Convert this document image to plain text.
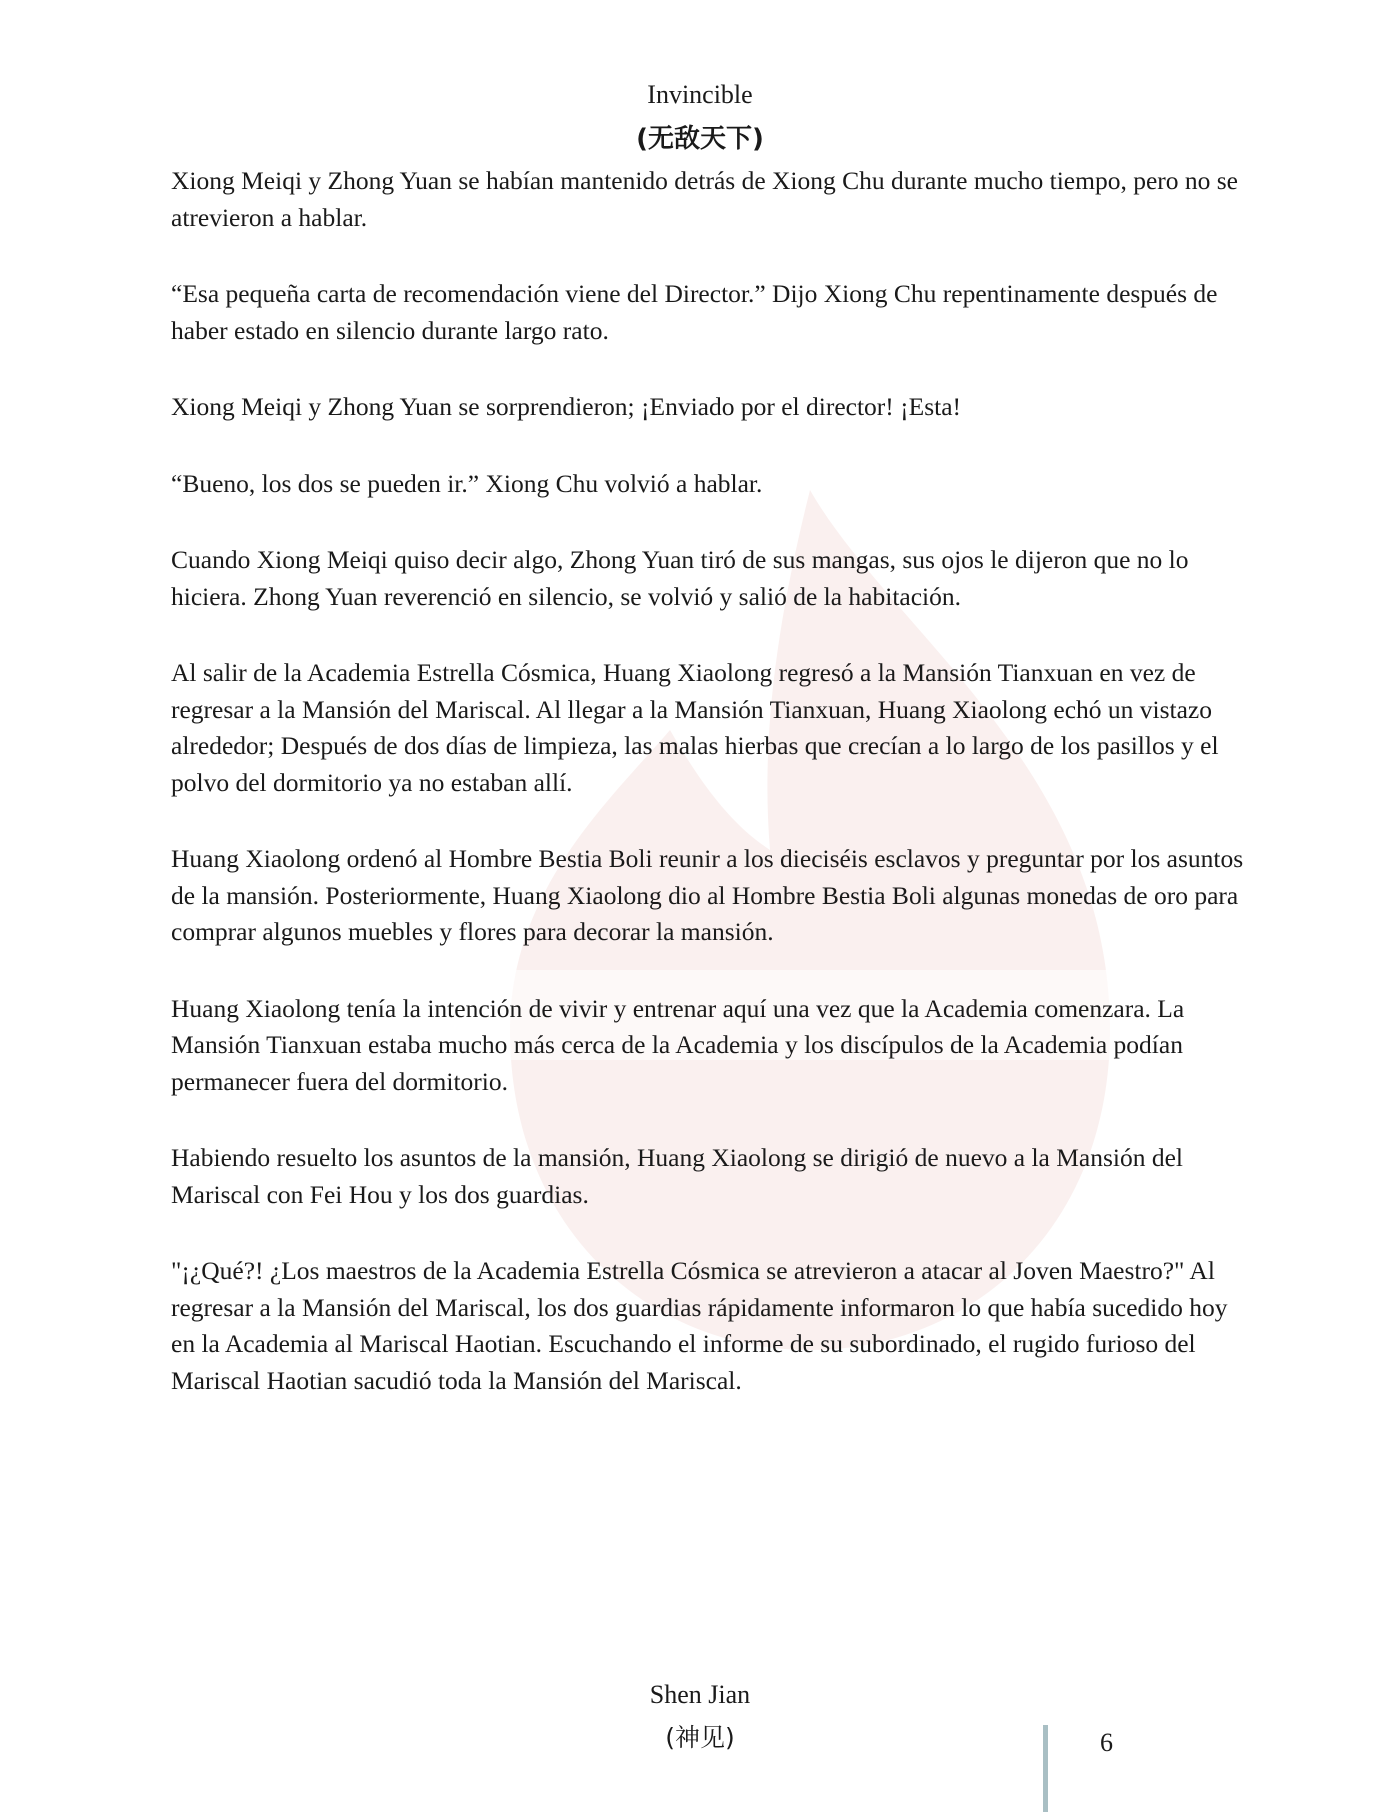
Invincible
(无敌天下)

Xiong Meiqi y Zhong Yuan se habían mantenido detrás de Xiong Chu durante mucho tiempo, pero no se atrevieron a hablar.

“Esa pequeña carta de recomendación viene del Director.” Dijo Xiong Chu repentinamente después de haber estado en silencio durante largo rato.

Xiong Meiqi y Zhong Yuan se sorprendieron; ¡Enviado por el director! ¡Esta!

“Bueno, los dos se pueden ir.” Xiong Chu volvió a hablar.

Cuando Xiong Meiqi quiso decir algo, Zhong Yuan tiró de sus mangas, sus ojos le dijeron que no lo hiciera. Zhong Yuan reverenció en silencio, se volvió y salió de la habitación.

Al salir de la Academia Estrella Cósmica, Huang Xiaolong regresó a la Mansión Tianxuan en vez de regresar a la Mansión del Mariscal. Al llegar a la Mansión Tianxuan, Huang Xiaolong echó un vistazo alrededor; Después de dos días de limpieza, las malas hierbas que crecían a lo largo de los pasillos y el polvo del dormitorio ya no estaban allí.

Huang Xiaolong ordenó al Hombre Bestia Boli reunir a los dieciséis esclavos y preguntar por los asuntos de la mansión. Posteriormente, Huang Xiaolong dio al Hombre Bestia Boli algunas monedas de oro para comprar algunos muebles y flores para decorar la mansión.

Huang Xiaolong tenía la intención de vivir y entrenar aquí una vez que la Academia comenzara. La Mansión Tianxuan estaba mucho más cerca de la Academia y los discípulos de la Academia podían permanecer fuera del dormitorio.

Habiendo resuelto los asuntos de la mansión, Huang Xiaolong se dirigió de nuevo a la Mansión del Mariscal con Fei Hou y los dos guardias.

"¡¿Qué?! ¿Los maestros de la Academia Estrella Cósmica se atrevieron a atacar al Joven Maestro?" Al regresar a la Mansión del Mariscal, los dos guardias rápidamente informaron lo que había sucedido hoy en la Academia al Mariscal Haotian. Escuchando el informe de su subordinado, el rugido furioso del Mariscal Haotian sacudió toda la Mansión del Mariscal.

Shen Jian
(神见)	6
